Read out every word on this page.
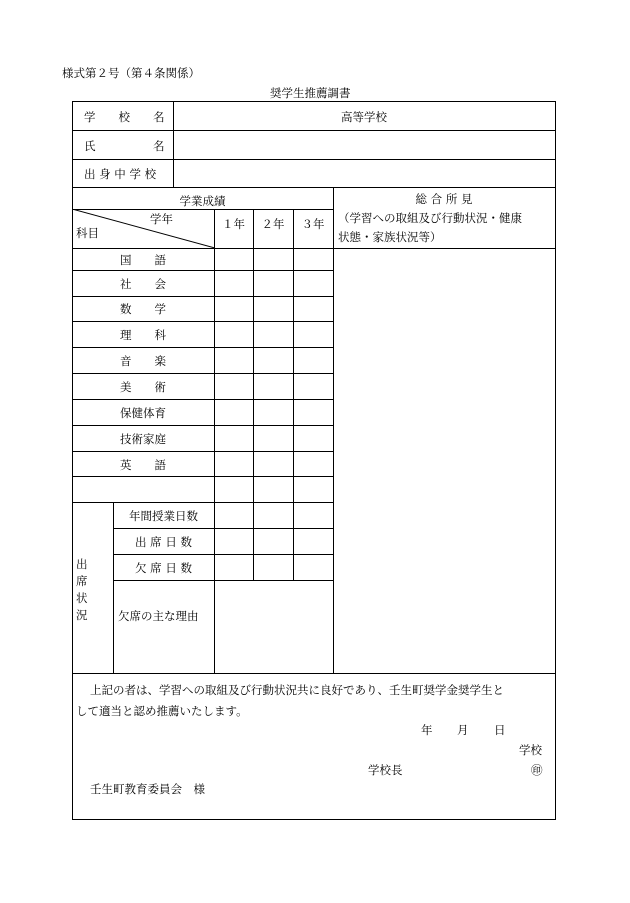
様式第２号（第４条関係）
奨学生推薦調書
学　　校　　名	高等学校
氏　　　　　名
出 身 中 学 校
学業成績
学年
科目
１年	２年	３年
総 合 所 見
（学習への取組及び行動状況・健康
状態・家族状況等）
国　　語
社　　会
数　　学
理　　科
音　　楽
美　　術
保健体育
技術家庭
英　　語
出
席
状
況
年間授業日数
出 席 日 数
欠 席 日 数
欠席の主な理由
上記の者は、学習への取組及び行動状況共に良好であり、壬生町奨学金奨学生と
して適当と認め推薦いたします。
年 月 日
学校
学校長	㊞
壬生町教育委員会　様
